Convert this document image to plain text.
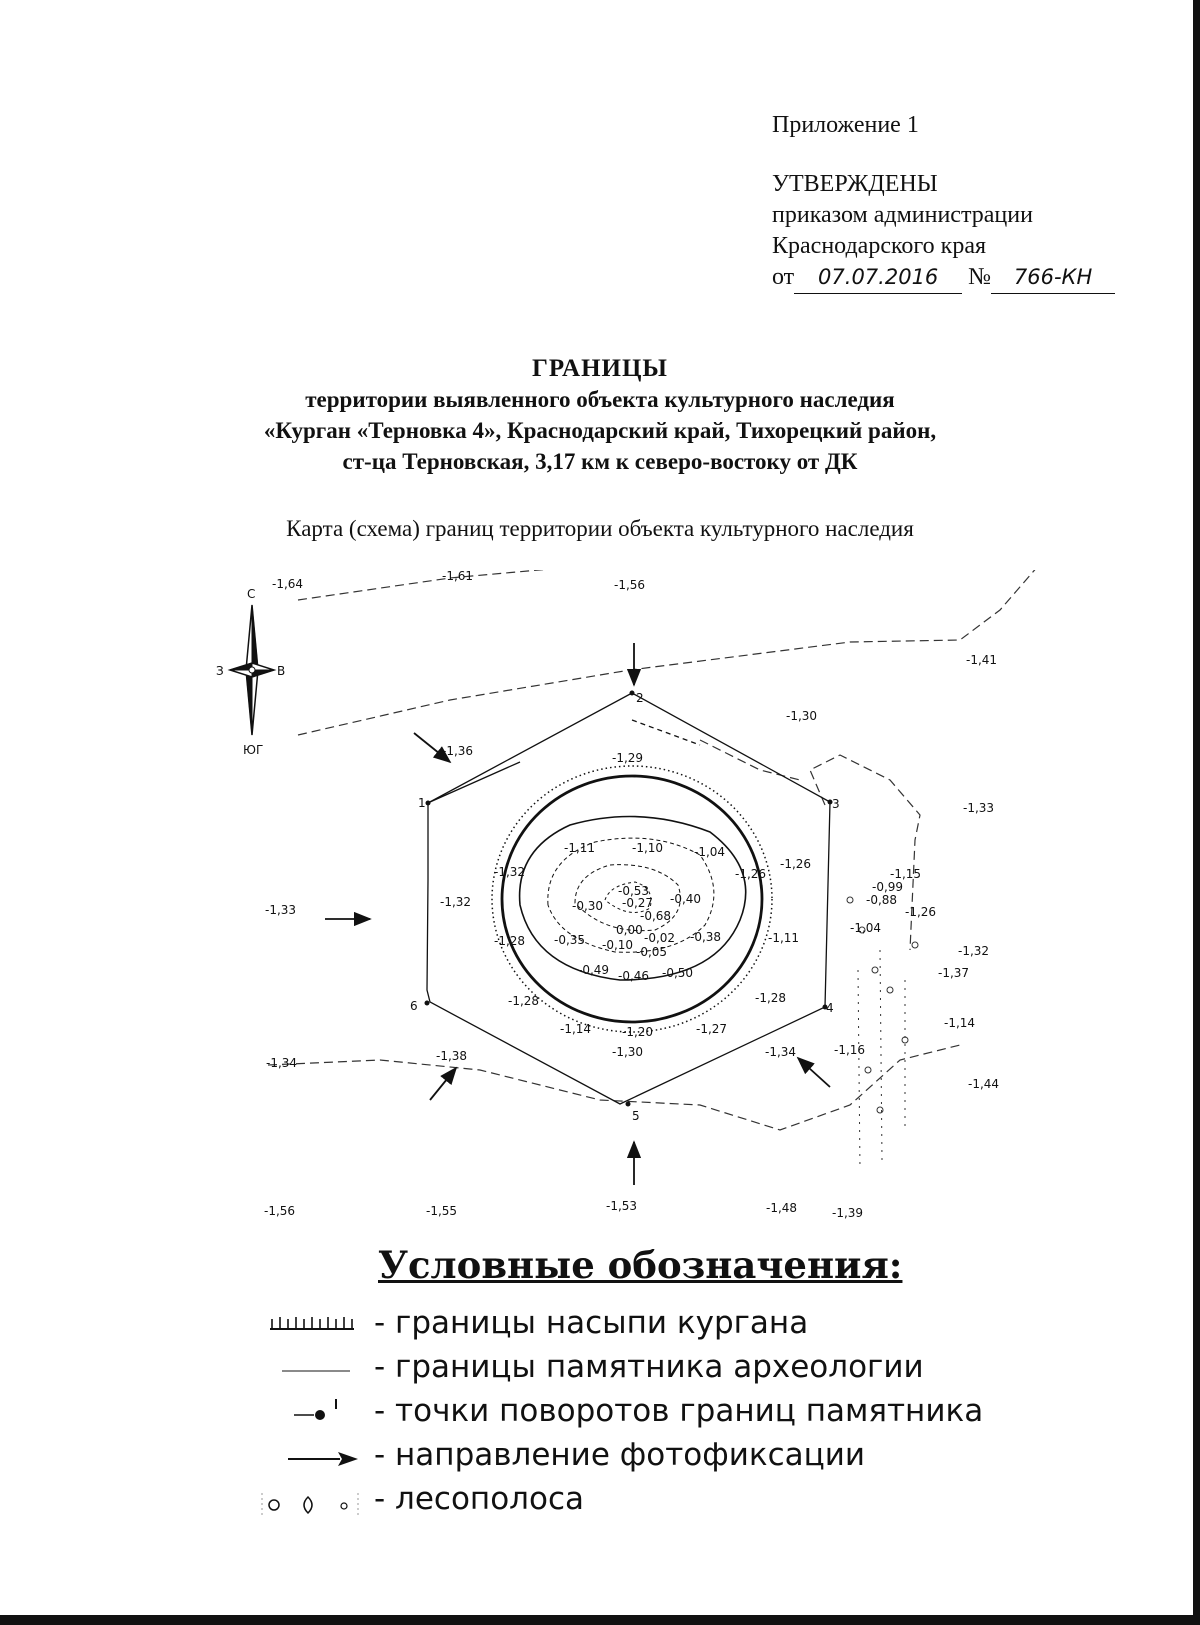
Приложение 1
УТВЕРЖДЕНЫ
приказом администрации
Краснодарского края
от 07.07.2016 № 766-КН
ГРАНИЦЫ
территории выявленного объекта культурного наследия
«Курган «Терновка 4», Краснодарский край, Тихорецкий район,
ст-ца Терновская, 3,17 км к северо-востоку от ДК
Карта (схема) границ территории объекта культурного наследия
С
ЮГ
З	В
1
2
3
4
5
6
-1,64
-1,61
-1,56
-1,41
-1,30
-1,36	-1,29
-1,33
-1,33
-1,26
-1,15
-0,99
-0,88
-1,26
-1,04
-1,32
-1,37
-1,14
-1,44
-1,34	-1,38	-1,34	-1,16
-1,56	-1,55	-1,53	-1,48	-1,39
-1,32
-1,11	-1,10	-1,04
-1,32
-1,28
-1,26
-1,28
-1,14	-1,20	-1,27
-1,30
-1,11
-1,28
-0,53
-0,40
-0,30 -0,27
-0,68
0,00
-0,35 -0,10 -0,02 -0,38
-0,05
-0,49 -0,46 -0,50
Условные обозначения:
- границы насыпи кургана
- границы памятника археологии
- точки поворотов границ памятника
- направление фотофиксации
- лесополоса
